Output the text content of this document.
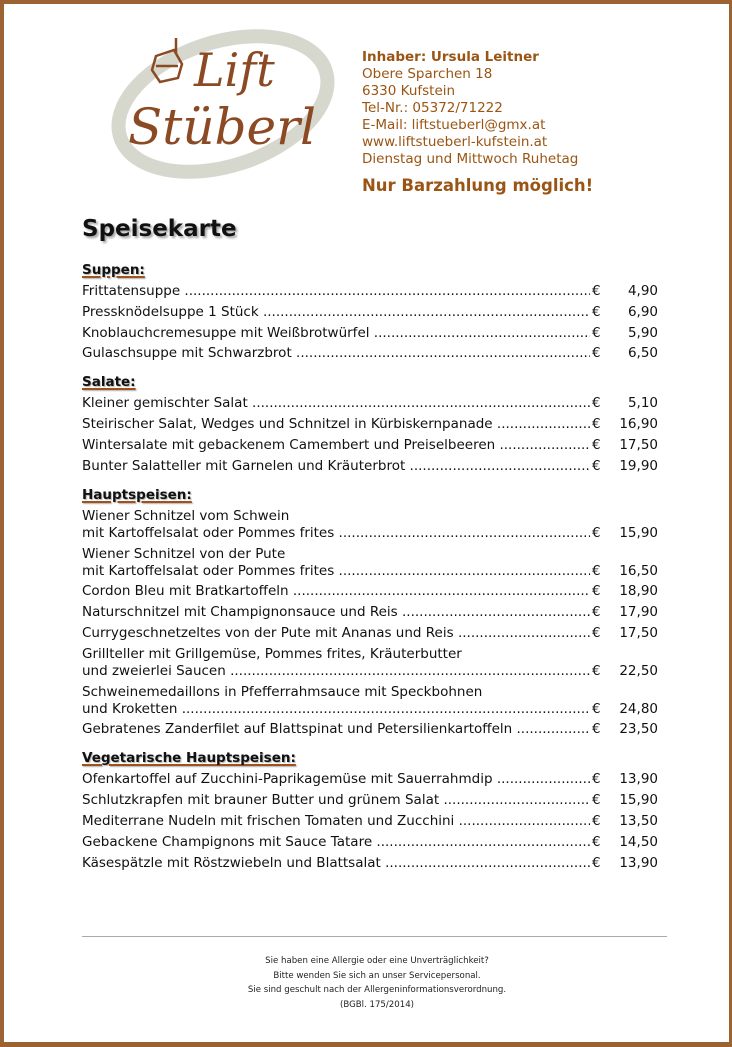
Lift
Stüberl
Inhaber: Ursula Leitner
Obere Sparchen 18
6330 Kufstein
Tel-Nr.: 05372/71222
E-Mail: liftstueberl@gmx.at
www.liftstueberl-kufstein.at
Dienstag und Mittwoch Ruhetag
Nur Barzahlung möglich!
Speisekarte
Suppen:
Frittatensuppe .....	€	4,90
Pressknödelsuppe 1 Stück .....	€	6,90
Knoblauchcremesuppe mit Weißbrotwürfel .....	€	5,90
Gulaschsuppe mit Schwarzbrot .....	€	6,50
Salate:
Kleiner gemischter Salat .....	€	5,10
Steirischer Salat, Wedges und Schnitzel in Kürbiskernpanade .....	€	16,90
Wintersalate mit gebackenem Camembert und Preiselbeeren .....	€	17,50
Bunter Salatteller mit Garnelen und Kräuterbrot .....	€	19,90
Hauptspeisen:
Wiener Schnitzel vom Schwein
mit Kartoffelsalat oder Pommes frites .....	€	15,90
Wiener Schnitzel von der Pute
mit Kartoffelsalat oder Pommes frites .....	€	16,50
Cordon Bleu mit Bratkartoffeln .....	€	18,90
Naturschnitzel mit Champignonsauce und Reis .....	€	17,90
Currygeschnetzeltes von der Pute mit Ananas und Reis .....	€	17,50
Grillteller mit Grillgemüse, Pommes frites, Kräuterbutter
und zweierlei Saucen .....	€	22,50
Schweinemedaillons in Pfefferrahmsauce mit Speckbohnen
und Kroketten .....	€	24,80
Gebratenes Zanderfilet auf Blattspinat und Petersilienkartoffeln .....	€	23,50
Vegetarische Hauptspeisen:
Ofenkartoffel auf Zucchini-Paprikagemüse mit Sauerrahmdip .....	€	13,90
Schlutzkrapfen mit brauner Butter und grünem Salat .....	€	15,90
Mediterrane Nudeln mit frischen Tomaten und Zucchini .....	€	13,50
Gebackene Champignons mit Sauce Tatare .....	€	14,50
Käsespätzle mit Röstzwiebeln und Blattsalat .....	€	13,90
Sie haben eine Allergie oder eine Unverträglichkeit?
Bitte wenden Sie sich an unser Servicepersonal.
Sie sind geschult nach der Allergeninformationsverordnung.
(BGBl. 175/2014)
